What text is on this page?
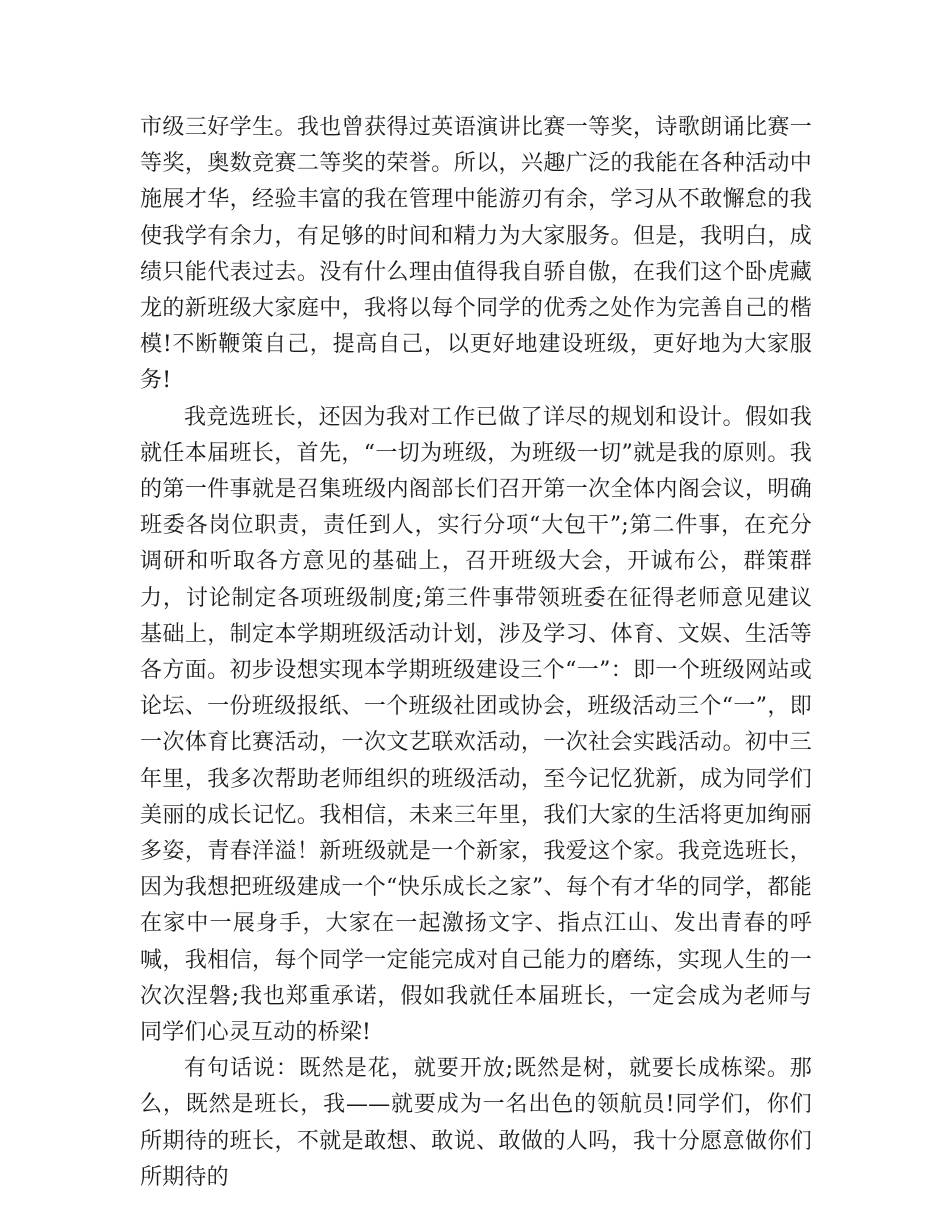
市级三好学生。我也曾获得过英语演讲比赛一等奖，诗歌朗诵比赛一等奖，奥数竞赛二等奖的荣誉。所以，兴趣广泛的我能在各种活动中施展才华，经验丰富的我在管理中能游刃有余，学习从不敢懈怠的我使我学有余力，有足够的时间和精力为大家服务。但是，我明白，成绩只能代表过去。没有什么理由值得我自骄自傲，在我们这个卧虎藏龙的新班级大家庭中，我将以每个同学的优秀之处作为完善自己的楷模!不断鞭策自己，提高自己，以更好地建设班级，更好地为大家服务!

我竞选班长，还因为我对工作已做了详尽的规划和设计。假如我就任本届班长，首先，“一切为班级，为班级一切”就是我的原则。我的第一件事就是召集班级内阁部长们召开第一次全体内阁会议，明确班委各岗位职责，责任到人，实行分项“大包干”;第二件事，在充分调研和听取各方意见的基础上，召开班级大会，开诚布公，群策群力，讨论制定各项班级制度;第三件事带领班委在征得老师意见建议基础上，制定本学期班级活动计划，涉及学习、体育、文娱、生活等各方面。初步设想实现本学期班级建设三个“一”：即一个班级网站或论坛、一份班级报纸、一个班级社团或协会，班级活动三个“一”，即一次体育比赛活动，一次文艺联欢活动，一次社会实践活动。初中三年里，我多次帮助老师组织的班级活动，至今记忆犹新，成为同学们美丽的成长记忆。我相信，未来三年里，我们大家的生活将更加绚丽多姿，青春洋溢！新班级就是一个新家，我爱这个家。我竞选班长，因为我想把班级建成一个“快乐成长之家”、每个有才华的同学，都能在家中一展身手，大家在一起激扬文字、指点江山、发出青春的呼喊，我相信，每个同学一定能完成对自己能力的磨练，实现人生的一次次涅磐;我也郑重承诺，假如我就任本届班长，一定会成为老师与同学们心灵互动的桥梁!

有句话说：既然是花，就要开放;既然是树，就要长成栋梁。那么，既然是班长，我——就要成为一名出色的领航员!同学们，你们所期待的班长，不就是敢想、敢说、敢做的人吗，我十分愿意做你们所期待的
